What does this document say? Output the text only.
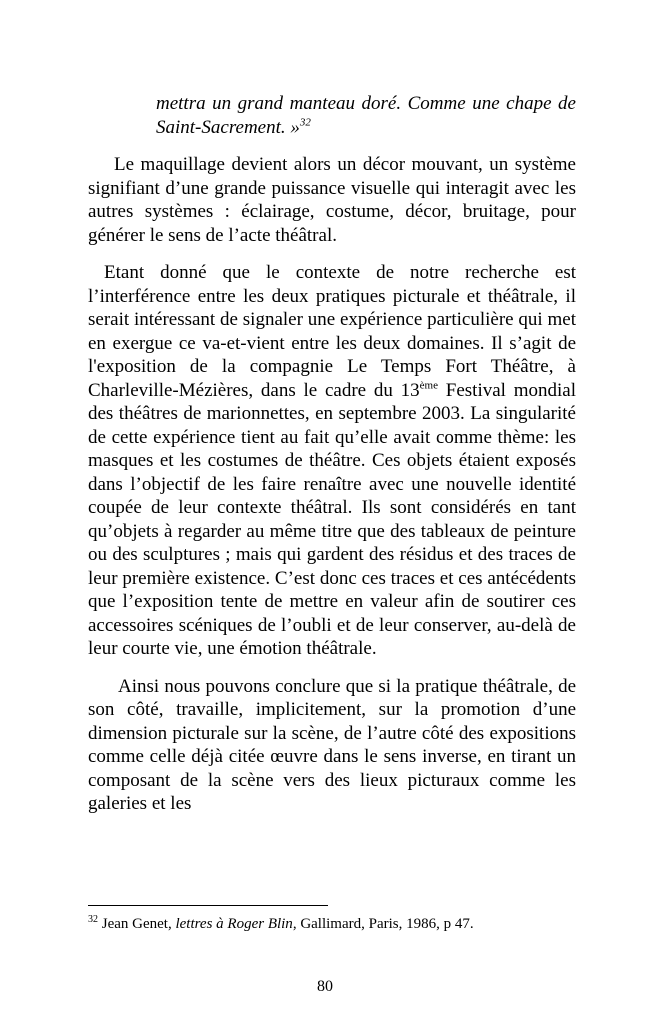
mettra un grand manteau doré. Comme une chape de Saint-Sacrement. »$^{32}$

Le maquillage devient alors un décor mouvant, un système signifiant d’une grande puissance visuelle qui interagit avec les autres systèmes : éclairage, costume, décor, bruitage, pour générer le sens de l’acte théâtral.

Etant donné que le contexte de notre recherche est l’interférence entre les deux pratiques picturale et théâtrale, il serait intéressant de signaler une expérience particulière qui met en exergue ce va-et-vient entre les deux domaines. Il s’agit de l'exposition de la compagnie Le Temps Fort Théâtre, à Charleville-Mézières, dans le cadre du 13ème Festival mondial des théâtres de marionnettes, en septembre 2003. La singularité de cette expérience tient au fait qu’elle avait comme thème: les masques et les costumes de théâtre. Ces objets étaient exposés dans l’objectif de les faire renaître avec une nouvelle identité coupée de leur contexte théâtral. Ils sont considérés en tant qu’objets à regarder au même titre que des tableaux de peinture ou des sculptures ; mais qui gardent des résidus et des traces de leur première existence. C’est donc ces traces et ces antécédents que l’exposition tente de mettre en valeur afin de soutirer ces accessoires scéniques de l’oubli et de leur conserver, au-delà de leur courte vie, une émotion théâtrale.

Ainsi nous pouvons conclure que si la pratique théâtrale, de son côté, travaille, implicitement, sur la promotion d’une dimension picturale sur la scène, de l’autre côté des expositions comme celle déjà citée œuvre dans le sens inverse, en tirant un composant de la scène vers des lieux picturaux comme les galeries et les

$^{32}$ Jean Genet, lettres à Roger Blin, Gallimard, Paris, 1986, p 47.
80
